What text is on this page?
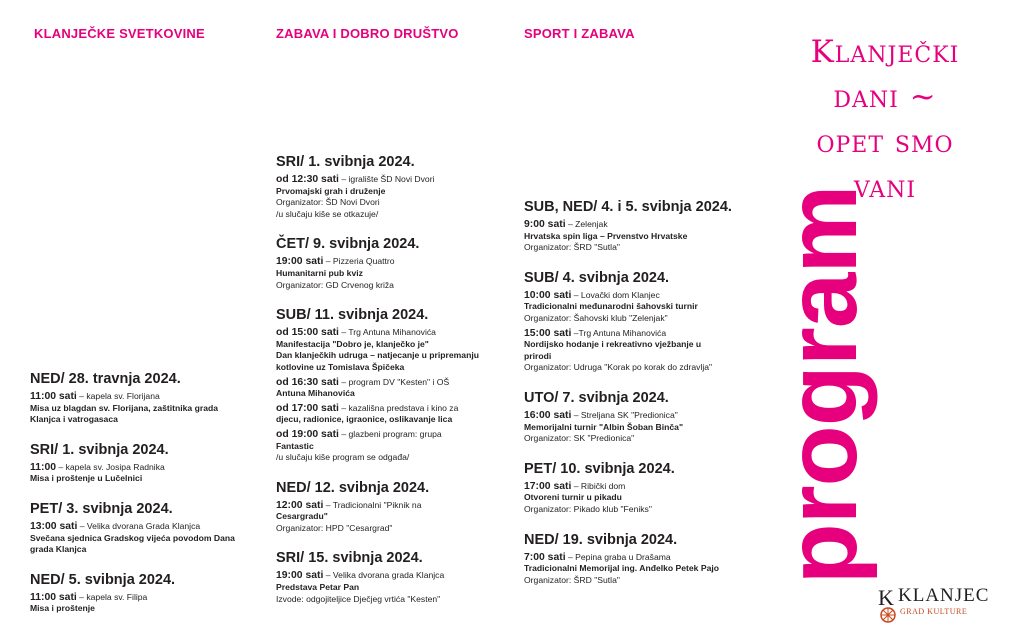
KLANJEČKE SVETKOVINE	ZABAVA I DOBRO DRUŠTVO	SPORT I ZABAVA
NED/ 28. travnja 2024.
11:00 sati – kapela sv. Florijana
Misa uz blagdan sv. Florijana, zaštitnika grada
Klanjca i vatrogasaca
SRI/ 1. svibnja 2024.
11:00 – kapela sv. Josipa Radnika
Misa i proštenje u Lučelnici
PET/ 3. svibnja 2024.
13:00 sati – Velika dvorana Grada Klanjca
Svečana sjednica Gradskog vijeća povodom Dana
grada Klanjca
NED/ 5. svibnja 2024.
11:00 sati – kapela sv. Filipa
Misa i proštenje
SRI/ 1. svibnja 2024.
od 12:30 sati – igralište ŠD Novi Dvori
Prvomajski grah i druženje
Organizator: ŠD Novi Dvori
/u slučaju kiše se otkazuje/
ČET/ 9. svibnja 2024.
19:00 sati – Pizzeria Quattro
Humanitarni pub kviz
Organizator: GD Crvenog križa
SUB/ 11. svibnja 2024.
od 15:00 sati – Trg Antuna Mihanovića
Manifestacija "Dobro je, klanječko je"
Dan klanječkih udruga – natjecanje u pripremanju
kotlovine uz Tomislava Špičeka
od 16:30 sati – program DV "Kesten" i OŠ
Antuna Mihanovića
od 17:00 sati – kazališna predstava i kino za
djecu, radionice, igraonice, oslikavanje lica
od 19:00 sati – glazbeni program: grupa
Fantastic
/u slučaju kiše program se odgađa/
NED/ 12. svibnja 2024.
12:00 sati – Tradicionalni "Piknik na
Cesargradu"
Organizator: HPD "Cesargrad"
SRI/ 15. svibnja 2024.
19:00 sati – Velika dvorana grada Klanjca
Predstava Petar Pan
Izvode: odgojiteljice Dječjeg vrtića "Kesten"
SUB, NED/ 4. i 5. svibnja 2024.
9:00 sati – Zelenjak
Hrvatska spin liga – Prvenstvo Hrvatske
Organizator: ŠRD "Sutla"
SUB/ 4. svibnja 2024.
10:00 sati – Lovački dom Klanjec
Tradicionalni međunarodni šahovski turnir
Organizator: Šahovski klub "Zelenjak"
15:00 sati –Trg Antuna Mihanovića
Nordijsko hodanje i rekreativno vježbanje u
prirodi
Organizator: Udruga "Korak po korak do zdravlja"
UTO/ 7. svibnja 2024.
16:00 sati – Streljana SK "Predionica"
Memorijalni turnir "Albin Šoban Binča"
Organizator: SK "Predionica"
PET/ 10. svibnja 2024.
17:00 sati – Ribički dom
Otvoreni turnir u pikadu
Organizator: Pikado klub "Feniks"
NED/ 19. svibnja 2024.
7:00 sati – Pepina graba u Drašama
Tradicionalni Memorijal ing. Anđelko Petek Pajo
Organizator: ŠRD "Sutla"
Klanječki
dani ~
opet smo
vani
program
K KLANJEC
GRAD KULTURE
